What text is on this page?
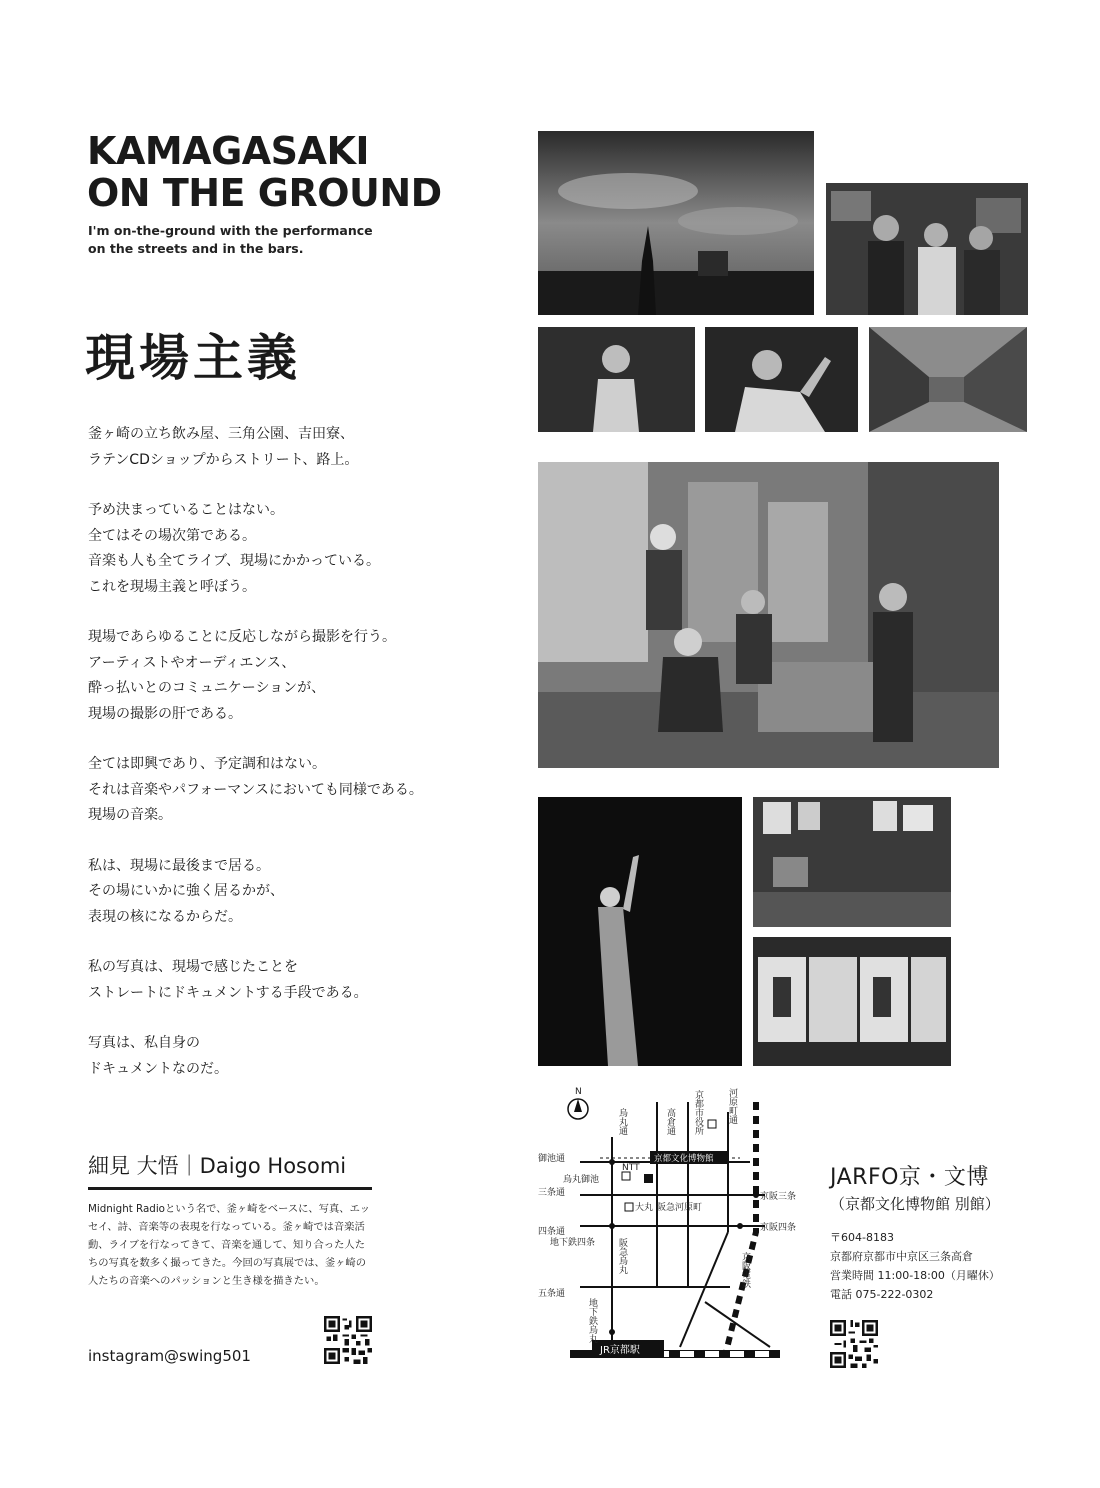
KAMAGASAKI
ON THE GROUND
I'm on-the-ground with the performance
on the streets and in the bars.
現場主義

釜ヶ崎の立ち飲み屋、三角公園、吉田寮、
ラテンCDショップからストリート、路上。

予め決まっていることはない。
全てはその場次第である。
音楽も人も全てライブ、現場にかかっている。
これを現場主義と呼ぼう。

現場であらゆることに反応しながら撮影を行う。
アーティストやオーディエンス、
酔っ払いとのコミュニケーションが、
現場の撮影の肝である。

全ては即興であり、予定調和はない。
それは音楽やパフォーマンスにおいても同様である。
現場の音楽。

私は、現場に最後まで居る。
その場にいかに強く居るかが、
表現の核になるからだ。

私の写真は、現場で感じたことを
ストレートにドキュメントする手段である。

写真は、私自身の
ドキュメントなのだ。

細見 大悟｜Daigo Hosomi
Midnight Radioという名で、釜ヶ崎をベースに、写真、エッセイ、詩、音楽等の表現を行なっている。釜ヶ崎では音楽活動、ライブを行なってきて、音楽を通して、知り合った人たちの写真を数多く撮ってきた。今回の写真展では、釜ヶ崎の人たちの音楽へのパッションと生き様を描きたい。
instagram@swing501
N
御池通
三条通
四条通
五条通
烏丸通	高倉通 京都市役所	河原町通
烏丸御池
NTT
京都文化博物館
大丸 阪急河原町
京阪三条
京阪四条
地下鉄四条 阪急烏丸
地下鉄烏丸
京阪電鉄
JR京都駅
JARFO京・文博
（京都文化博物館 別館）
〒604-8183
京都府京都市中京区三条高倉
営業時間 11:00-18:00（月曜休）
電話 075-222-0302
